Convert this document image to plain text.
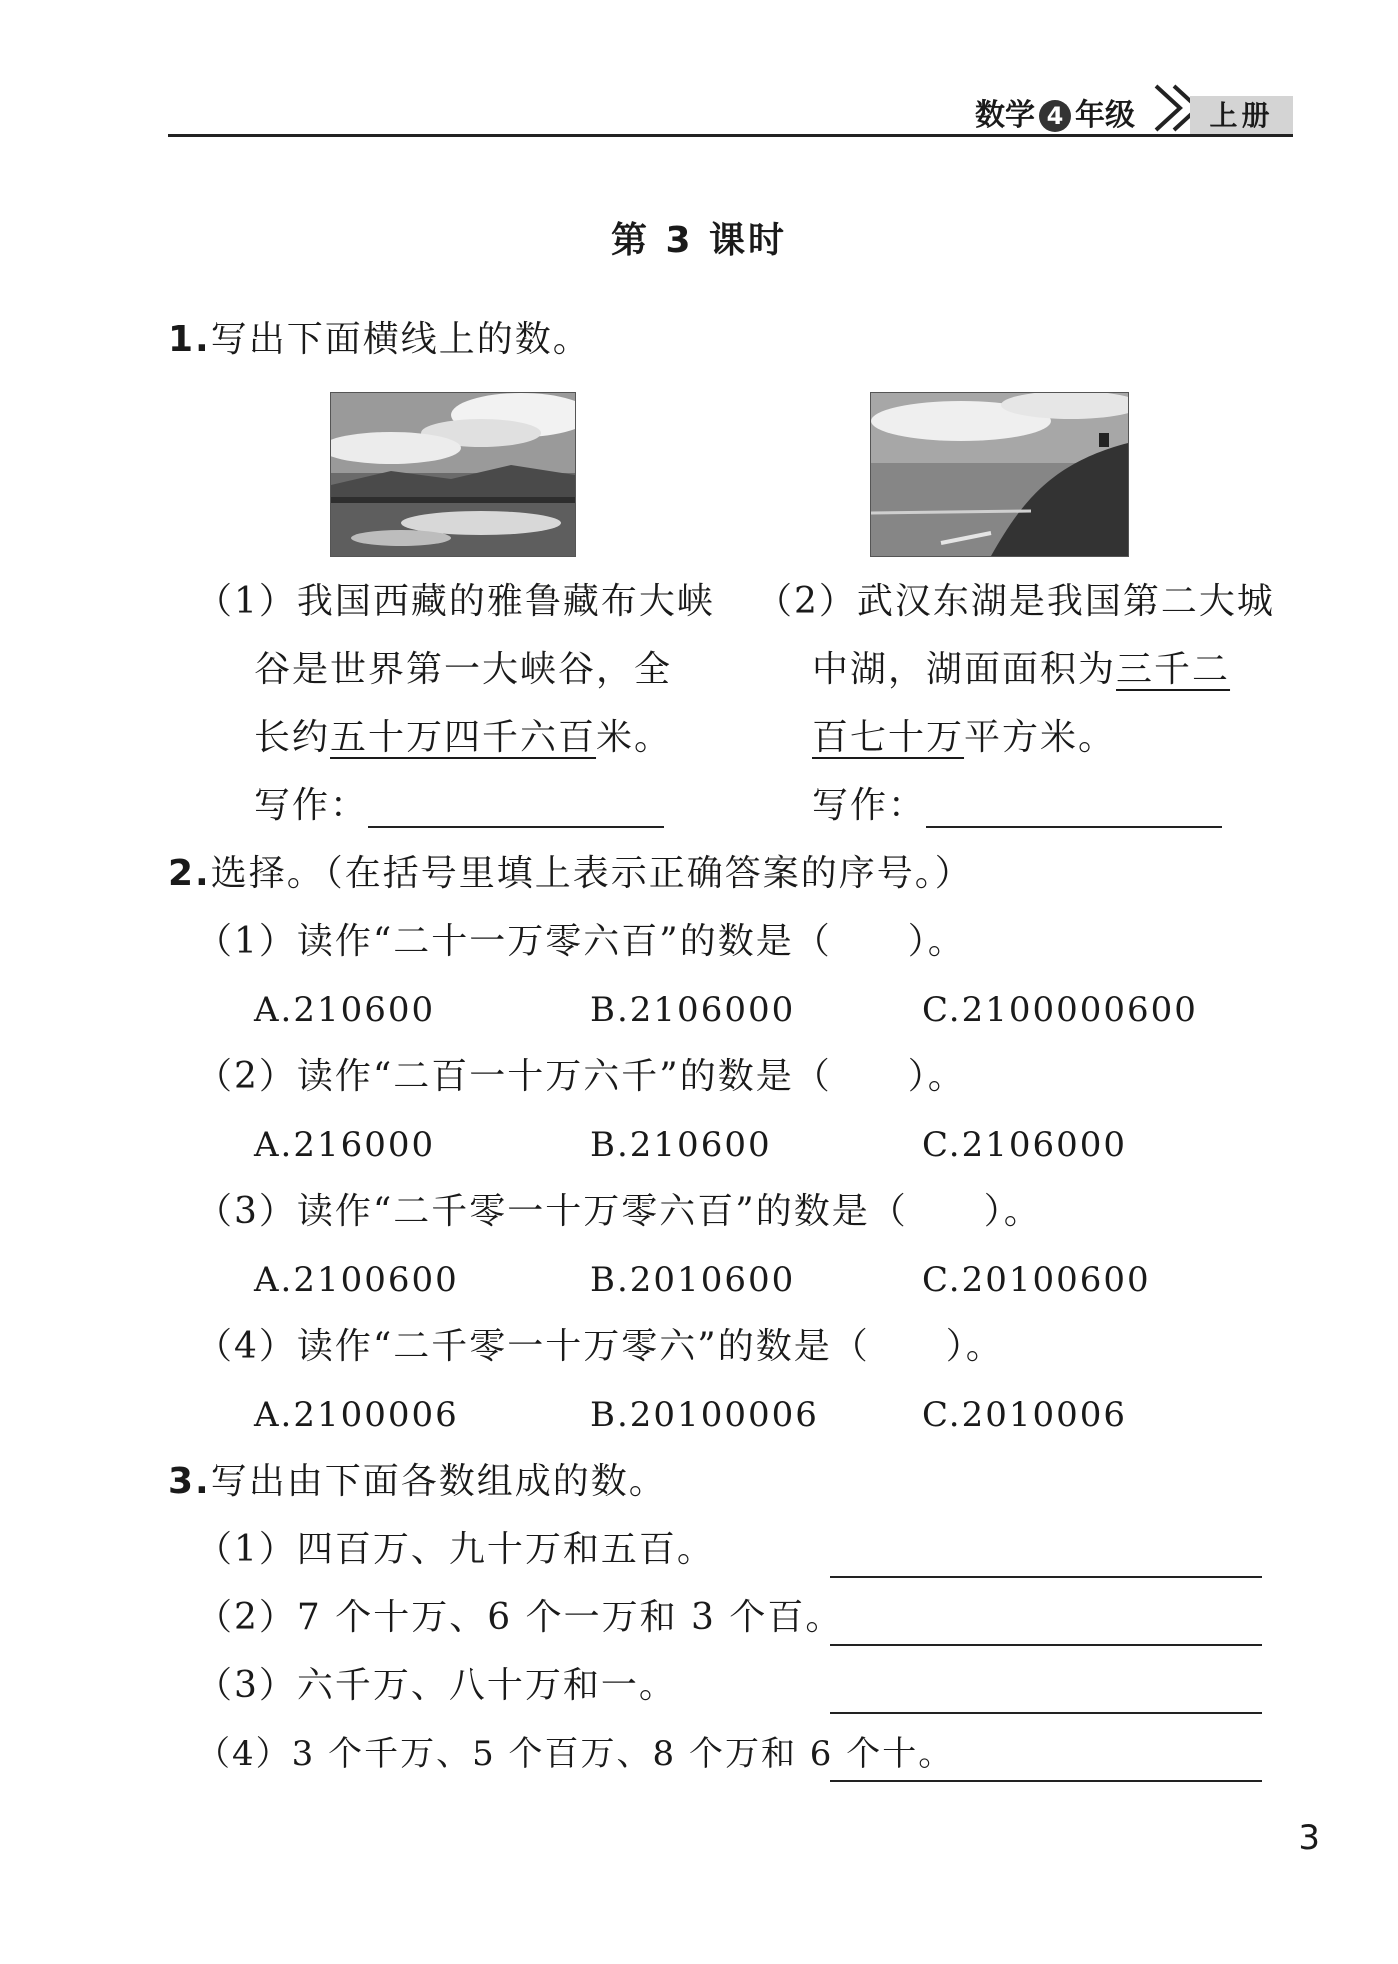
数学 4 年级	上册
第 3 课时
1.写出下面横线上的数。
（1）我国西藏的雅鲁藏布大峡
谷是世界第一大峡谷，全
长约五十万四千六百米。
写作：
（2）武汉东湖是我国第二大城
中湖，湖面面积为三千二
百七十万平方米。
写作：
2.选择。（在括号里填上表示正确答案的序号。）
（1）读作“二十一万零六百”的数是（　　）。
A.210600	B.2106000	C.2100000600
（2）读作“二百一十万六千”的数是（　　）。
A.216000	B.210600	C.2106000
（3）读作“二千零一十万零六百”的数是（　　）。
A.2100600	B.2010600	C.20100600
（4）读作“二千零一十万零六”的数是（　　）。
A.2100006	B.20100006	C.2010006
3.写出由下面各数组成的数。
（1）四百万、九十万和五百。
（2）7 个十万、6 个一万和 3 个百。
（3）六千万、八十万和一。
（4）3 个千万、5 个百万、8 个万和 6 个十。
3
